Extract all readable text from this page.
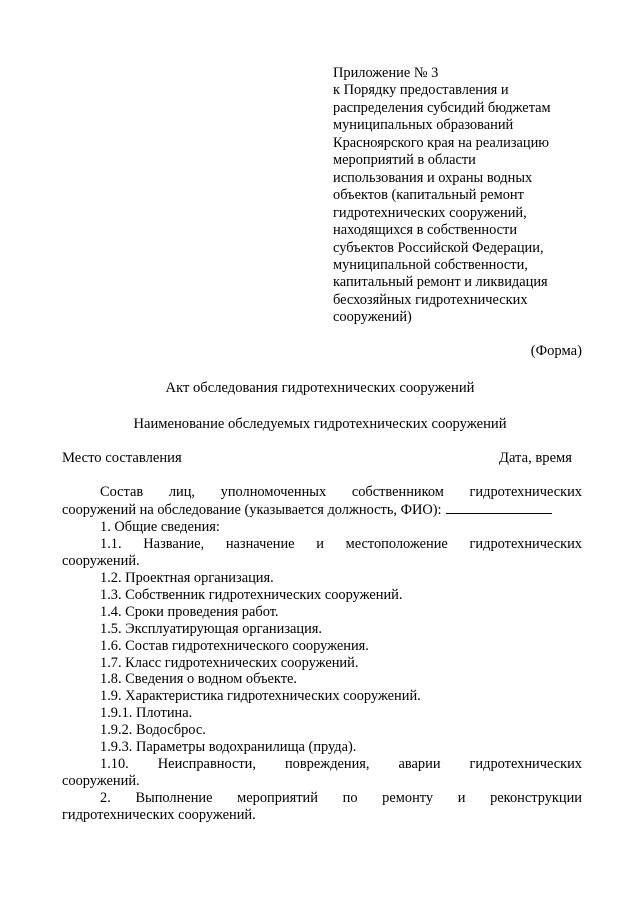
Приложение № 3
к Порядку предоставления и
распределения субсидий бюджетам
муниципальных образований
Красноярского края на реализацию
мероприятий в области
использования и охраны водных
объектов (капитальный ремонт
гидротехнических сооружений,
находящихся в собственности
субъектов Российской Федерации,
муниципальной собственности,
капитальный ремонт и ликвидация
бесхозяйных гидротехнических
сооружений)
(Форма)
Акт обследования гидротехнических сооружений
Наименование обследуемых гидротехнических сооружений
Место составления	Дата, время
Состав лиц, уполномоченных собственником гидротехнических
сооружений на обследование (указывается должность, ФИО):
1. Общие сведения:
1.1. Название, назначение и местоположение гидротехнических
сооружений.
1.2. Проектная организация.
1.3. Собственник гидротехнических сооружений.
1.4. Сроки проведения работ.
1.5. Эксплуатирующая организация.
1.6. Состав гидротехнического сооружения.
1.7. Класс гидротехнических сооружений.
1.8. Сведения о водном объекте.
1.9. Характеристика гидротехнических сооружений.
1.9.1. Плотина.
1.9.2. Водосброс.
1.9.3. Параметры водохранилища (пруда).
1.10. Неисправности, повреждения, аварии гидротехнических
сооружений.
2. Выполнение мероприятий по ремонту и реконструкции
гидротехнических сооружений.
